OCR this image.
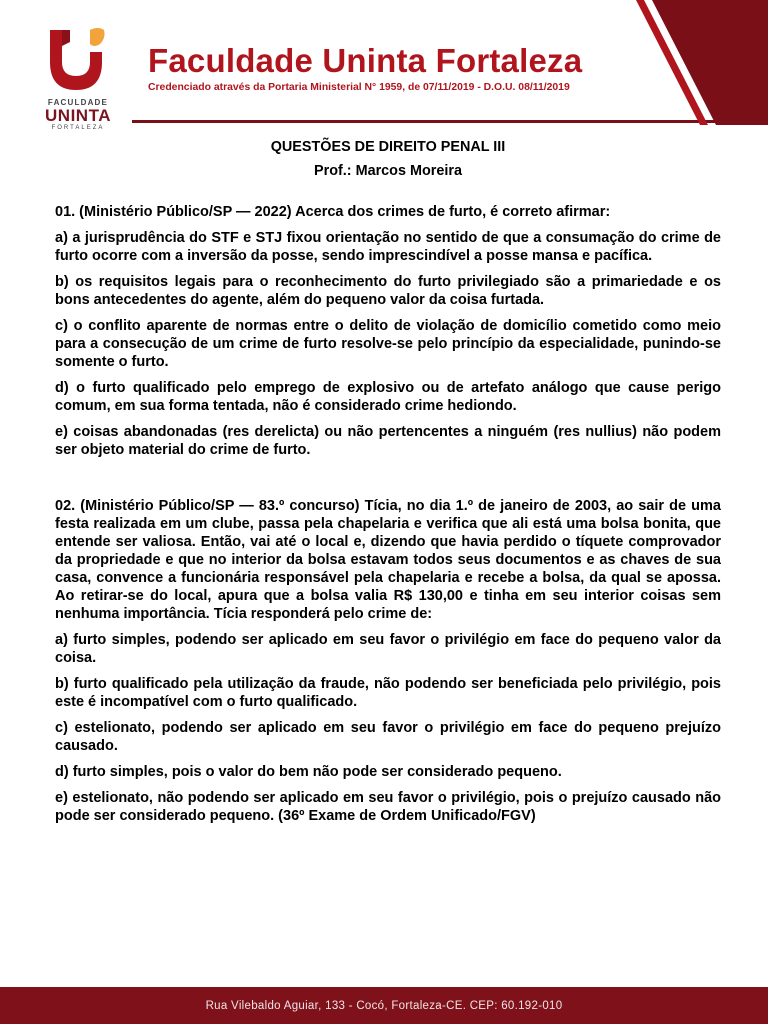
FACULDADE
UNINTA
FORTALEZA
Faculdade Uninta Fortaleza
Credenciado através da Portaria Ministerial N° 1959, de 07/11/2019 - D.O.U. 08/11/2019
QUESTÕES DE DIREITO PENAL III
Prof.: Marcos Moreira
01. (Ministério Público/SP — 2022) Acerca dos crimes de furto, é correto afirmar:
a) a jurisprudência do STF e STJ fixou orientação no sentido de que a consumação do crime de furto ocorre com a inversão da posse, sendo imprescindível a posse mansa e pacífica.
b) os requisitos legais para o reconhecimento do furto privilegiado são a primariedade e os bons antecedentes do agente, além do pequeno valor da coisa furtada.
c) o conflito aparente de normas entre o delito de violação de domicílio cometido como meio para a consecução de um crime de furto resolve-se pelo princípio da especialidade, punindo-se somente o furto.
d) o furto qualificado pelo emprego de explosivo ou de artefato análogo que cause perigo comum, em sua forma tentada, não é considerado crime hediondo.
e) coisas abandonadas (res derelicta) ou não pertencentes a ninguém (res nullius) não podem ser objeto material do crime de furto.
02. (Ministério Público/SP — 83.º concurso) Tícia, no dia 1.º de janeiro de 2003, ao sair de uma festa realizada em um clube, passa pela chapelaria e verifica que ali está uma bolsa bonita, que entende ser valiosa. Então, vai até o local e, dizendo que havia perdido o tíquete comprovador da propriedade e que no interior da bolsa estavam todos seus documentos e as chaves de sua casa, convence a funcionária responsável pela chapelaria e recebe a bolsa, da qual se apossa. Ao retirar-se do local, apura que a bolsa valia R$ 130,00 e tinha em seu interior coisas sem nenhuma importância. Tícia responderá pelo crime de:
a) furto simples, podendo ser aplicado em seu favor o privilégio em face do pequeno valor da coisa.
b) furto qualificado pela utilização da fraude, não podendo ser beneficiada pelo privilégio, pois este é incompatível com o furto qualificado.
c) estelionato, podendo ser aplicado em seu favor o privilégio em face do pequeno prejuízo causado.
d) furto simples, pois o valor do bem não pode ser considerado pequeno.
e) estelionato, não podendo ser aplicado em seu favor o privilégio, pois o prejuízo causado não pode ser considerado pequeno. (36º Exame de Ordem Unificado/FGV)
Rua Vilebaldo Aguiar, 133 - Cocó, Fortaleza-CE. CEP: 60.192-010
